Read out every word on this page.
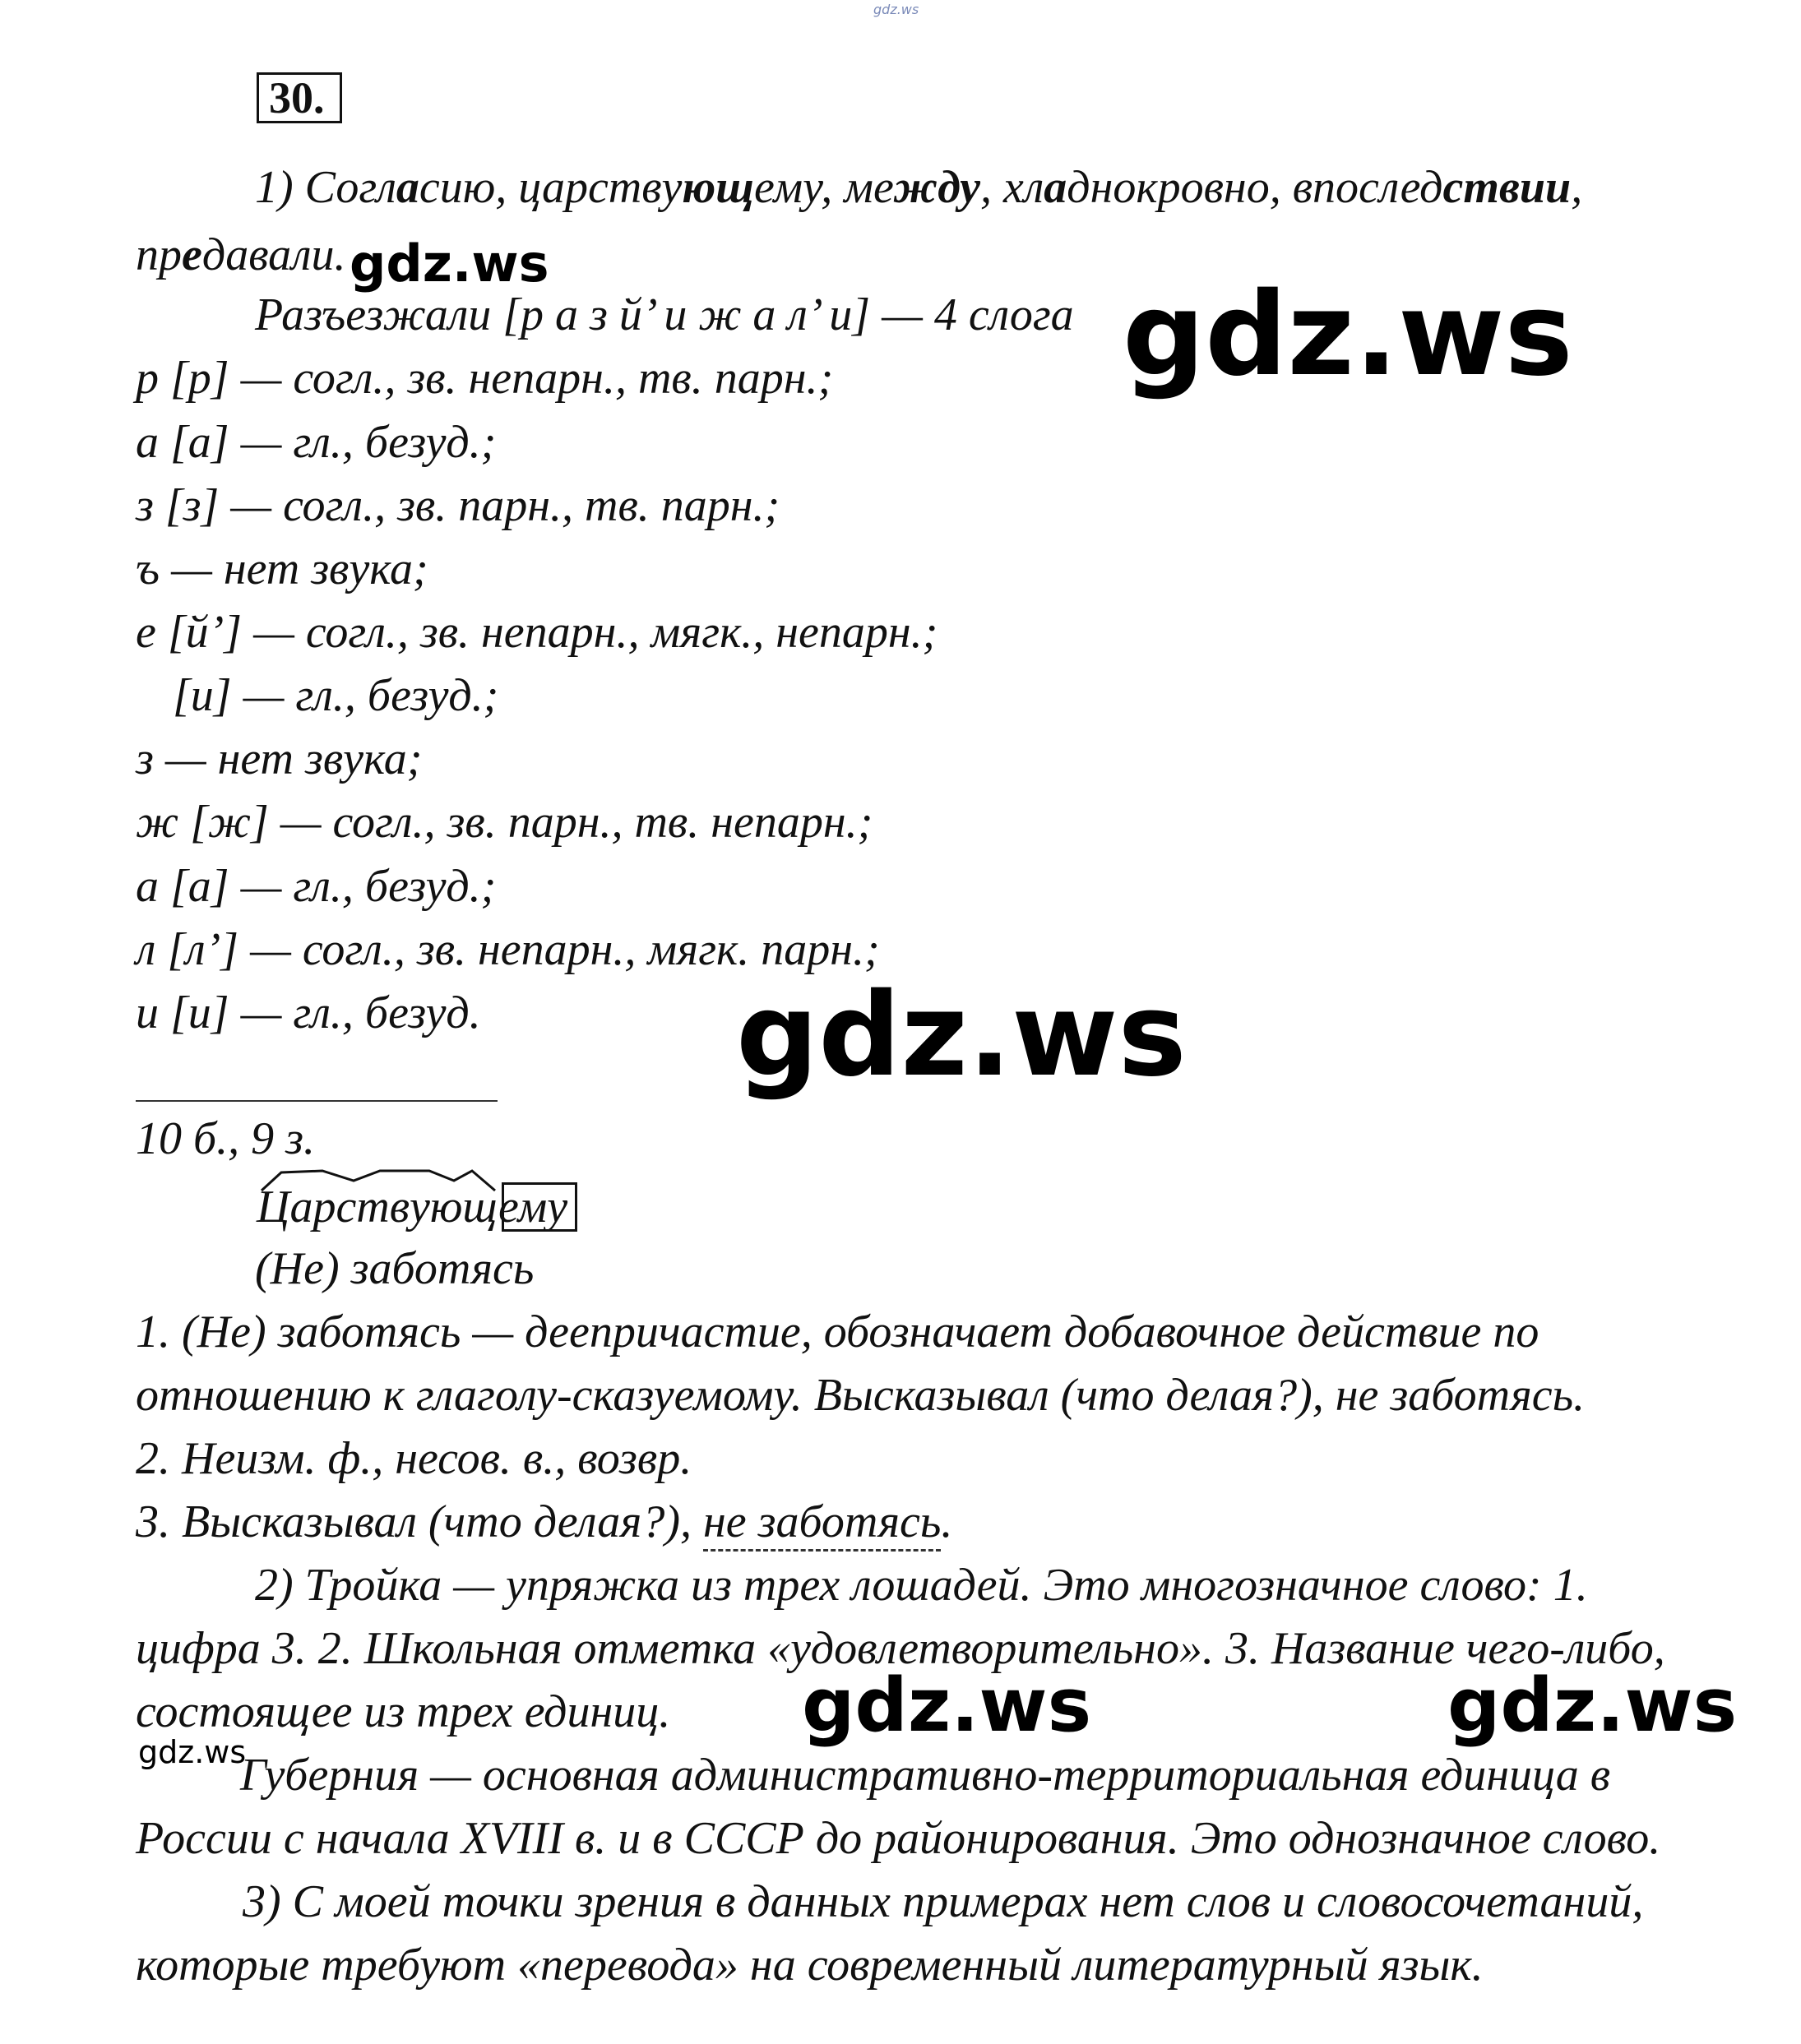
gdz.ws
30.
1) Согласию, царствующему, между, хладнокровно, впоследствии,
предавали.
Разъезжали [р а з й’ и ж а л’ и] — 4 слога
р [р] — согл., зв. непарн., тв. парн.;
а [а] — гл., безуд.;
з [з] — согл., зв. парн., тв. парн.;
ъ — нет звука;
е [й’] — согл., зв. непарн., мягк., непарн.;
[и] — гл., безуд.;
з — нет звука;
ж [ж] — согл., зв. парн., тв. непарн.;
а [а] — гл., безуд.;
л [л’] — согл., зв. непарн., мягк. парн.;
и [и] — гл., безуд.
10 б., 9 з.
Царствующему
(Не) заботясь
1. (Не) заботясь — деепричастие, обозначает добавочное действие по
отношению к глаголу-сказуемому. Высказывал (что делая?), не заботясь.
2. Неизм. ф., несов. в., возвр.
3. Высказывал (что делая?), не заботясь.
2) Тройка — упряжка из трех лошадей. Это многозначное слово: 1.
цифра 3. 2. Школьная отметка «удовлетворительно». 3. Название чего-либо,
состоящее из трех единиц.
Губерния — основная административно-территориальная единица в
России с начала XVIII в. и в СССР до районирования. Это однозначное слово.
3) С моей точки зрения в данных примерах нет слов и словосочетаний,
которые требуют «перевода» на современный литературный язык.
gdz.ws
gdz.ws
gdz.ws
gdz.ws	gdz.ws
gdz.ws
